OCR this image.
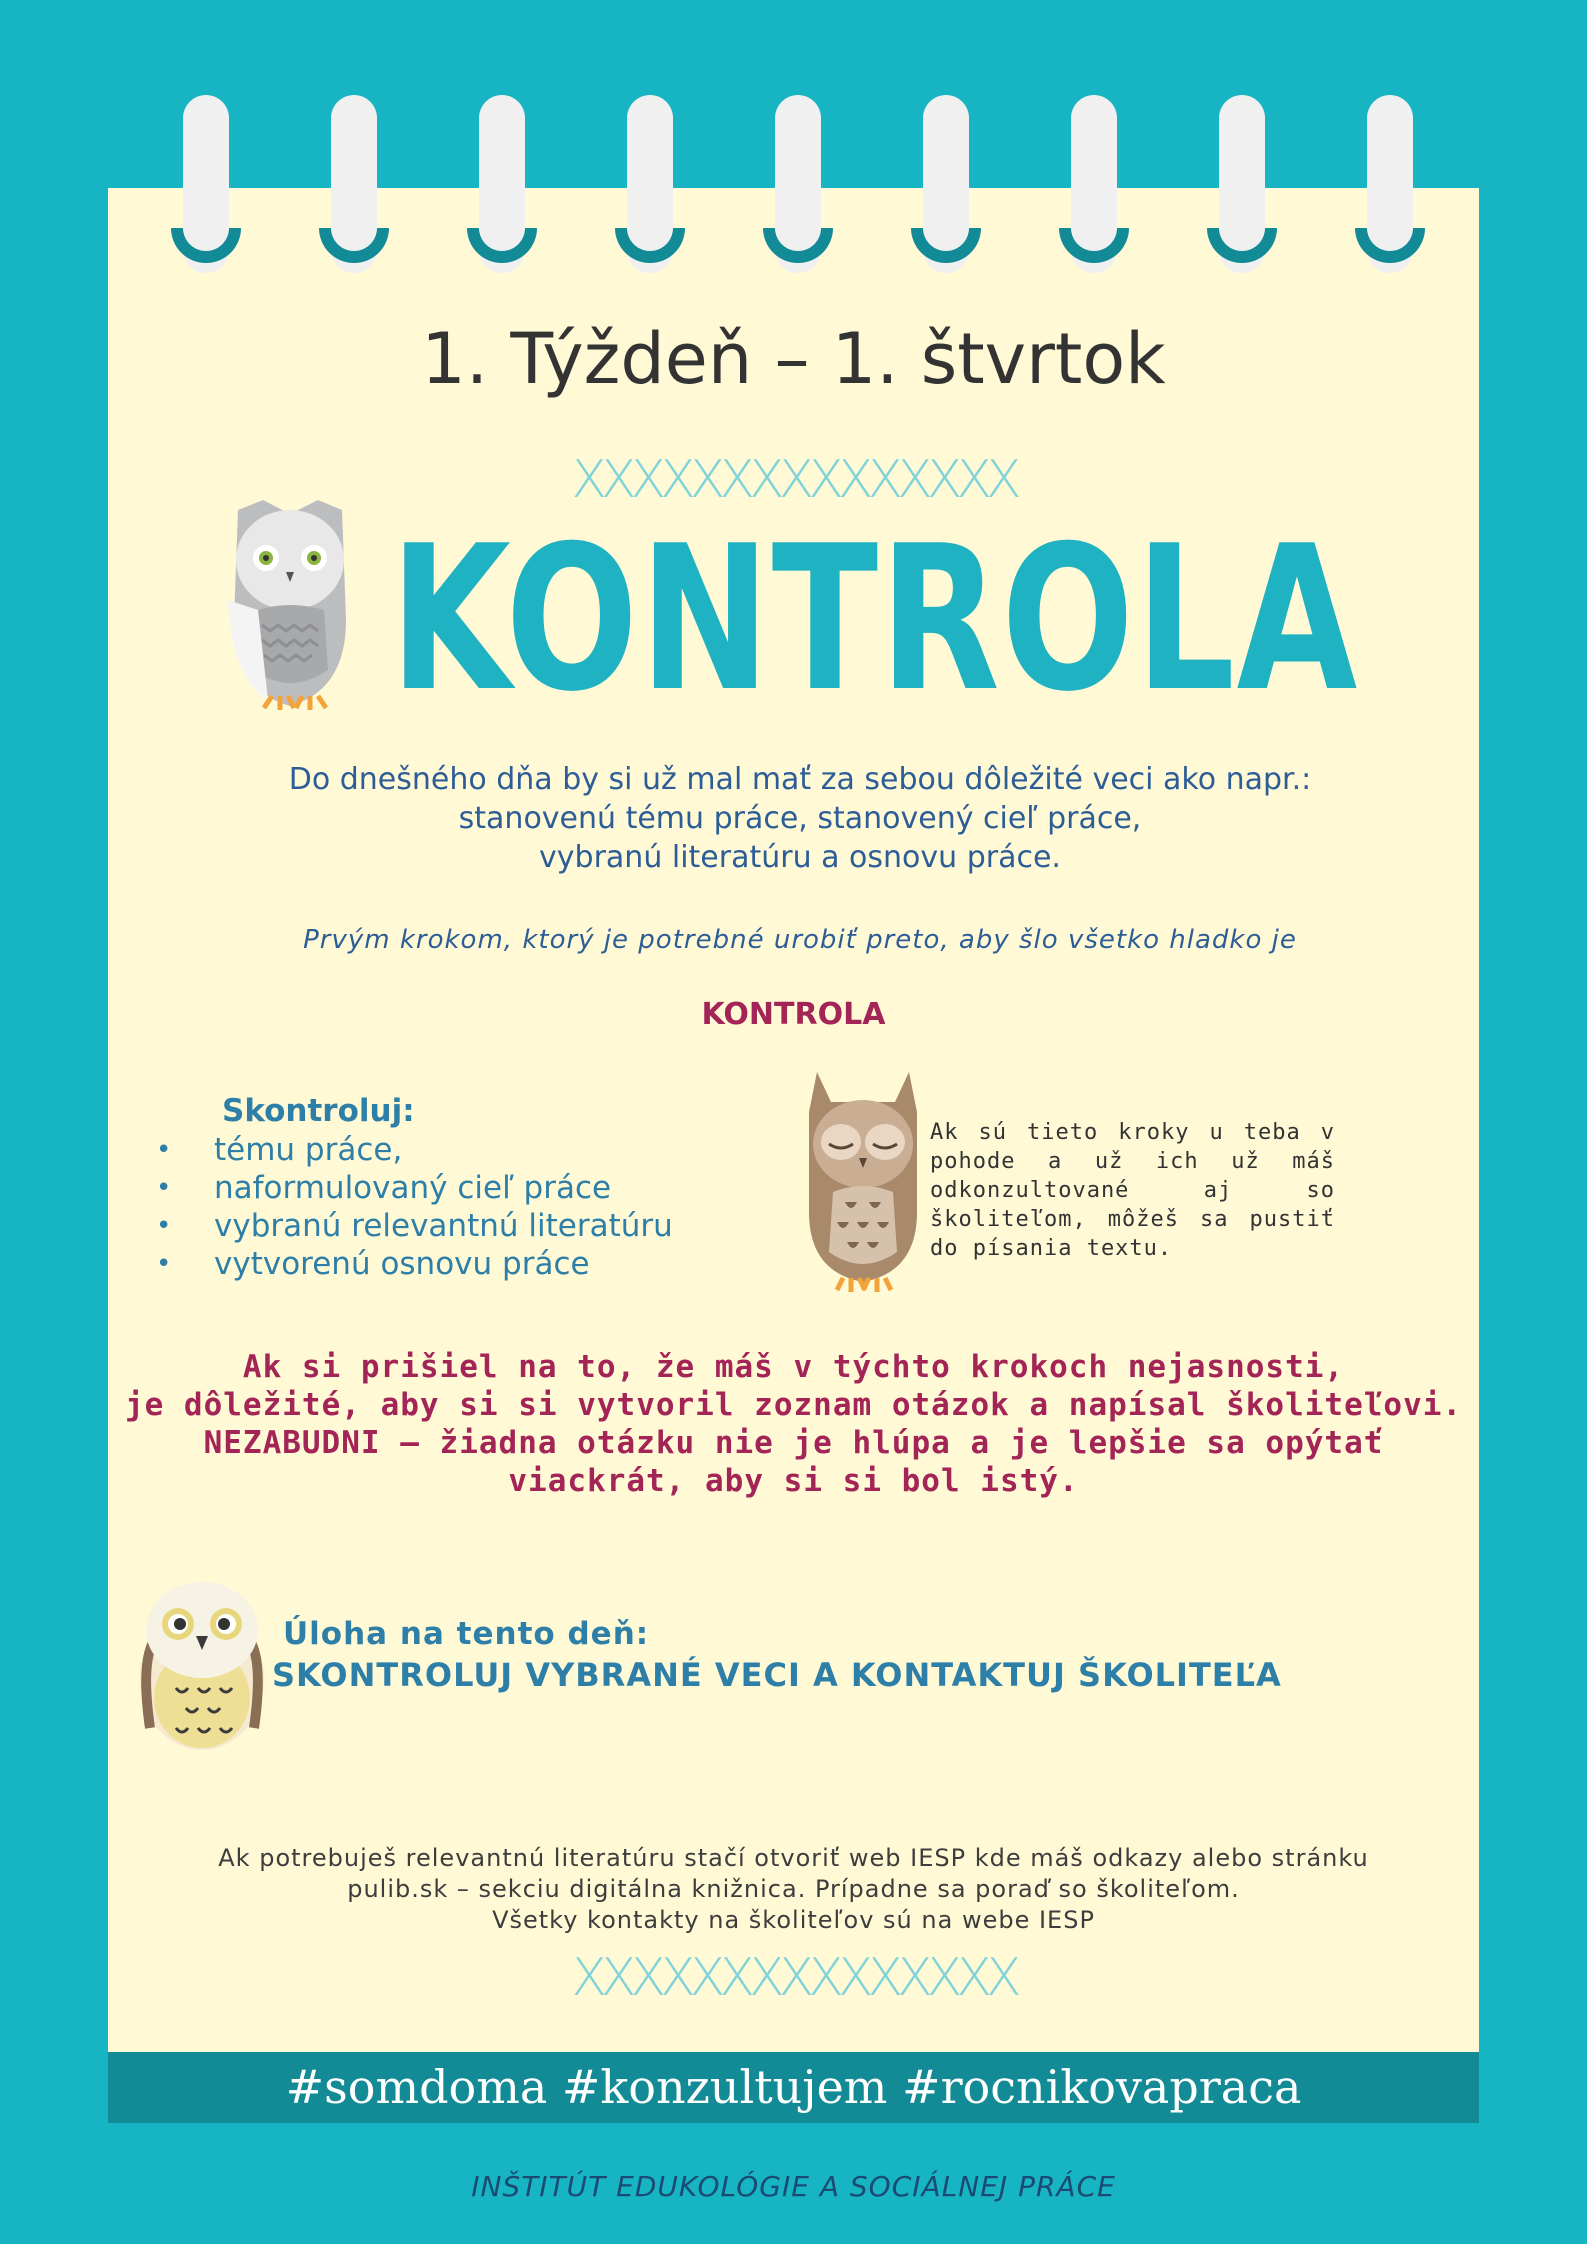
1. Týždeň – 1. štvrtok
XXXXXXXXXXXXXXX
KONTROLA
Do dnešného dňa by si už mal mať za sebou dôležité veci ako napr.:
stanovenú tému práce, stanovený cieľ práce,
vybranú literatúru a osnovu práce.
Prvým krokom, ktorý je potrebné urobiť preto, aby šlo všetko hladko je
KONTROLA
Skontroluj:
• tému práce,
• naformulovaný cieľ práce
• vybranú relevantnú literatúru
• vytvorenú osnovu práce
Ak sú tieto kroky u teba v pohode a už ich už máš odkonzultované aj so školiteľom, môžeš sa pustiť do písania textu.
Ak si prišiel na to, že máš v týchto krokoch nejasnosti,
je dôležité, aby si si vytvoril zoznam otázok a napísal školiteľovi.
NEZABUDNI – žiadna otázku nie je hlúpa a je lepšie sa opýtať
viackrát, aby si si bol istý.
Úloha na tento deň:
SKONTROLUJ VYBRANÉ VECI A KONTAKTUJ ŠKOLITEĽA
Ak potrebuješ relevantnú literatúru stačí otvoriť web IESP kde máš odkazy alebo stránku
pulib.sk – sekciu digitálna knižnica. Prípadne sa poraď so školiteľom.
Všetky kontakty na školiteľov sú na webe IESP
XXXXXXXXXXXXXXX
#somdoma #konzultujem #rocnikovapraca
INŠTITÚT EDUKOLÓGIE A SOCIÁLNEJ PRÁCE
